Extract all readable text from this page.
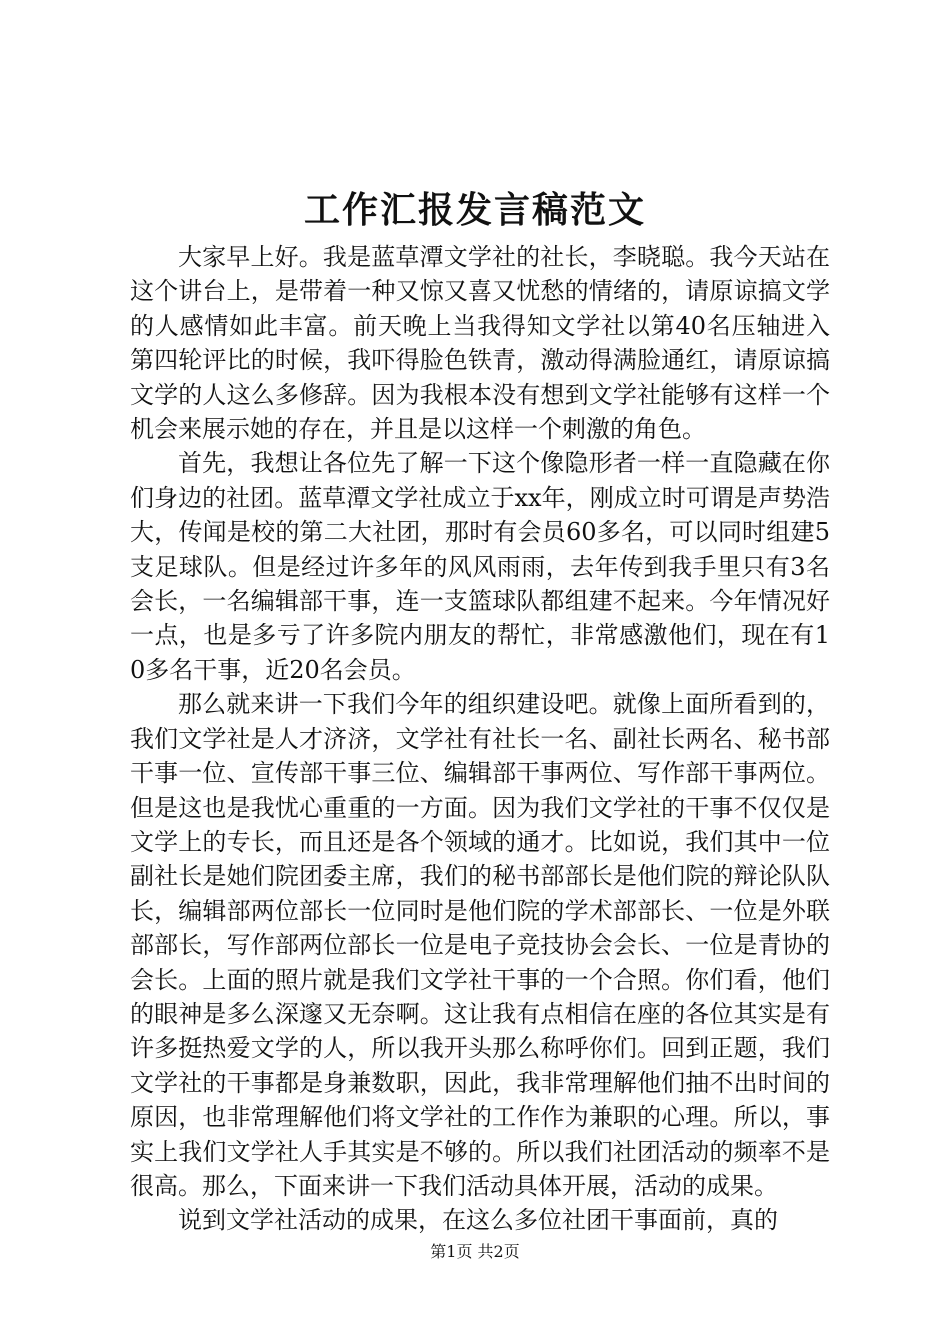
工作汇报发言稿范文

大家早上好。我是蓝草潭文学社的社长，李晓聪。我今天站在这个讲台上，是带着一种又惊又喜又忧愁的情绪的，请原谅搞文学的人感情如此丰富。前天晚上当我得知文学社以第40名压轴进入第四轮评比的时候，我吓得脸色铁青，激动得满脸通红，请原谅搞文学的人这么多修辞。因为我根本没有想到文学社能够有这样一个机会来展示她的存在，并且是以这样一个刺激的角色。

首先，我想让各位先了解一下这个像隐形者一样一直隐藏在你们身边的社团。蓝草潭文学社成立于xx年，刚成立时可谓是声势浩大，传闻是校的第二大社团，那时有会员60多名，可以同时组建5支足球队。但是经过许多年的风风雨雨，去年传到我手里只有3名会长，一名编辑部干事，连一支篮球队都组建不起来。今年情况好一点，也是多亏了许多院内朋友的帮忙，非常感激他们，现在有10多名干事，近20名会员。

那么就来讲一下我们今年的组织建设吧。就像上面所看到的，我们文学社是人才济济，文学社有社长一名、副社长两名、秘书部干事一位、宣传部干事三位、编辑部干事两位、写作部干事两位。但是这也是我忧心重重的一方面。因为我们文学社的干事不仅仅是文学上的专长，而且还是各个领域的通才。比如说，我们其中一位副社长是她们院团委主席，我们的秘书部部长是他们院的辩论队队长，编辑部两位部长一位同时是他们院的学术部部长、一位是外联部部长，写作部两位部长一位是电子竞技协会会长、一位是青协的会长。上面的照片就是我们文学社干事的一个合照。你们看，他们的眼神是多么深邃又无奈啊。这让我有点相信在座的各位其实是有许多挺热爱文学的人，所以我开头那么称呼你们。回到正题，我们文学社的干事都是身兼数职，因此，我非常理解他们抽不出时间的原因，也非常理解他们将文学社的工作作为兼职的心理。所以，事实上我们文学社人手其实是不够的。所以我们社团活动的频率不是很高。那么，下面来讲一下我们活动具体开展，活动的成果。

说到文学社活动的成果，在这么多位社团干事面前，真的

第1页 共2页
